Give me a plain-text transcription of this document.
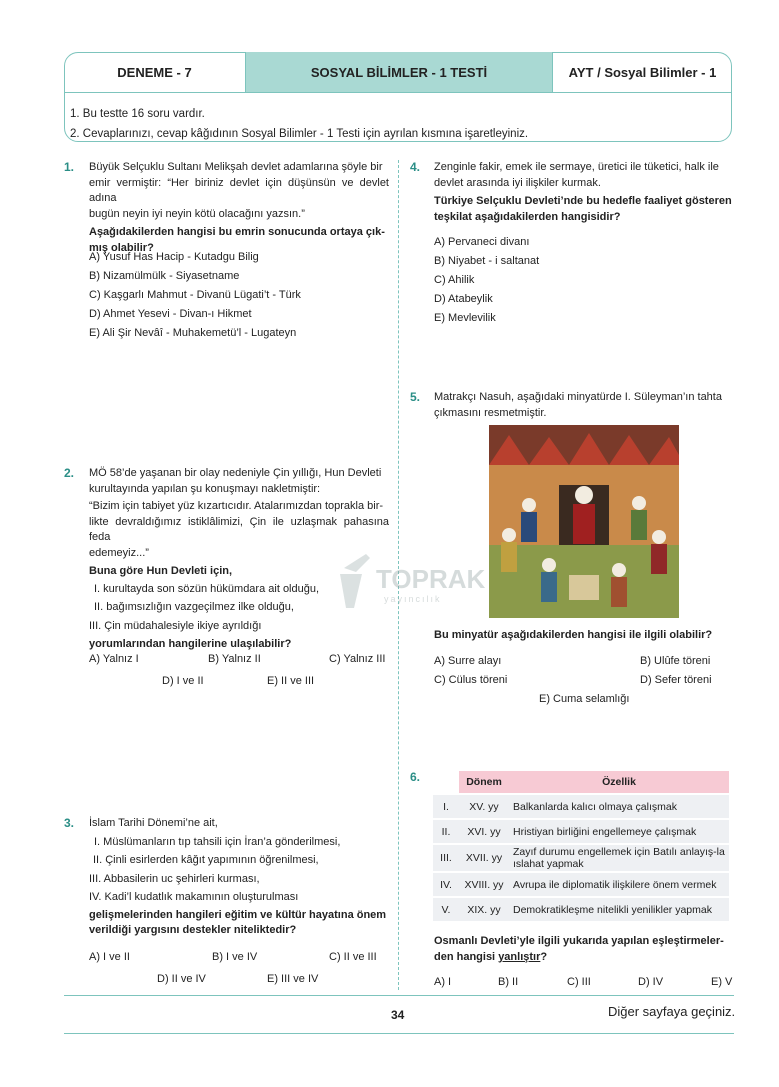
DENEME - 7	SOSYAL BİLİMLER - 1 TESTİ	AYT / Sosyal Bilimler - 1
1. Bu testte 16 soru vardır.
2. Cevaplarınızı, cevap kâğıdının Sosyal Bilimler - 1 Testi için ayrılan kısmına işaretleyiniz.
1. Büyük Selçuklu Sultanı Melikşah devlet adamlarına şöyle bir
emir vermiştir: “Her biriniz devlet için düşünsün ve devlet adına
bugün neyin iyi neyin kötü olacağını yazsın.”
Aşağıdakilerden hangisi bu emrin sonucunda ortaya çık-
mış olabilir?
A) Yusuf Has Hacip - Kutadgu Bilig
B) Nizamülmülk - Siyasetname
C) Kaşgarlı Mahmut - Divanü Lügati’t - Türk
D) Ahmet Yesevi - Divan-ı Hikmet
E) Ali Şir Nevâî - Muhakemetü’l - Lugateyn
2. MÖ 58’de yaşanan bir olay nedeniyle Çin yıllığı, Hun Devleti
kurultayında yapılan şu konuşmayı nakletmiştir:
“Bizim için tabiyet yüz kızartıcıdır. Atalarımızdan toprakla bir-
likte devraldığımız istiklâlimizi, Çin ile uzlaşmak pahasına feda
edemeyiz...”
Buna göre Hun Devleti için,
I. kurultayda son sözün hükümdara ait olduğu,
II. bağımsızlığın vazgeçilmez ilke olduğu,
III. Çin müdahalesiyle ikiye ayrıldığı
yorumlarından hangilerine ulaşılabilir?
A) Yalnız I	B) Yalnız II	C) Yalnız III
D) I ve II	E) II ve III
TOPRAK
yayıncılık
3. İslam Tarihi Dönemi’ne ait,
I. Müslümanların tıp tahsili için İran’a gönderilmesi,
II. Çinli esirlerden kâğıt yapımının öğrenilmesi,
III. Abbasilerin uc şehirleri kurması,
IV. Kadi’l kudatlık makamının oluşturulması
gelişmelerinden hangileri eğitim ve kültür hayatına önem
verildiği yargısını destekler niteliktedir?
A) I ve II	B) I ve IV	C) II ve III
D) II ve IV	E) III ve IV
4. Zenginle fakir, emek ile sermaye, üretici ile tüketici, halk ile
devlet arasında iyi ilişkiler kurmak.
Türkiye Selçuklu Devleti’nde bu hedefle faaliyet gösteren
teşkilat aşağıdakilerden hangisidir?
A) Pervaneci divanı
B) Niyabet - i saltanat
C) Ahilik
D) Atabeylik
E) Mevlevilik
5. Matrakçı Nasuh, aşağıdaki minyatürde I. Süleyman’ın tahta
çıkmasını resmetmiştir.
Bu minyatür aşağıdakilerden hangisi ile ilgili olabilir?
A) Surre alayı	B) Ulûfe töreni
C) Cülus töreni	D) Sefer töreni
E) Cuma selamlığı
6.
		Dönem	Özellik
I.	XV. yy	Balkanlarda kalıcı olmaya çalışmak
II.	XVI. yy	Hristiyan birliğini engellemeye çalışmak
III.	XVII. yy	Zayıf durumu engellemek için Batılı anlayış-la ıslahat yapmak
IV.	XVIII. yy	Avrupa ile diplomatik ilişkilere önem vermek
V.	XIX. yy	Demokratikleşme nitelikli yenilikler yapmak
Osmanlı Devleti’yle ilgili yukarıda yapılan eşleştirmeler-
den hangisi yanlıştır?
A) I	B) II	C) III	D) IV	E) V
34	Diğer sayfaya geçiniz.
